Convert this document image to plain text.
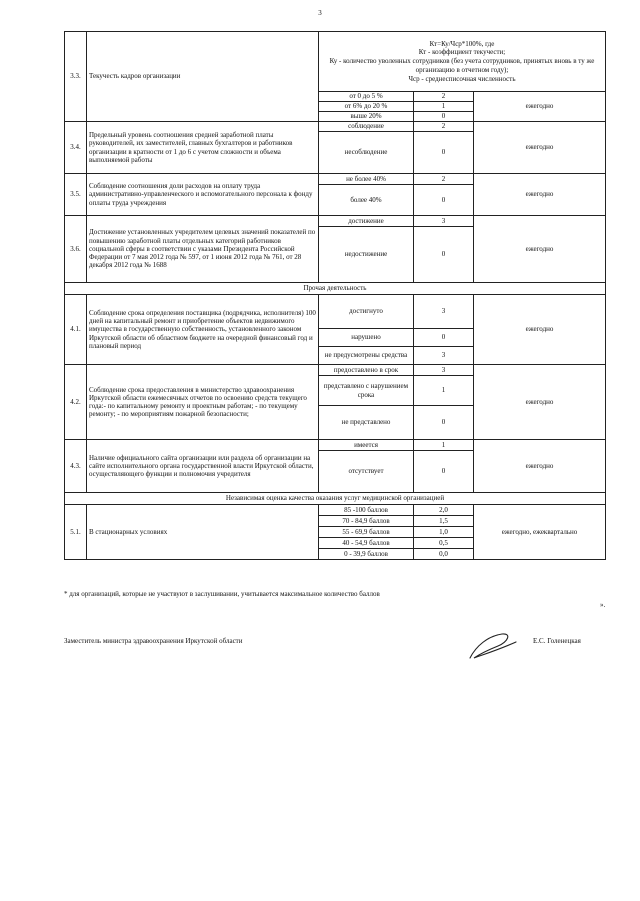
3
3.3.	Текучесть кадров организации	Кт=Ку/Чср*100%, где
Кт - коэффициент текучести;
Ку - количество уволенных сотрудников (без учета сотрудников, принятых вновь в ту же организацию в отчетном году);
Чср - среднесписочная численность		

		от 0 до 5 %	2	ежегодно
		от 6% до 20 %	1	
		выше 20%	0	
3.4.	Предельный уровень соотношения средней заработной платы руководителей, их заместителей, главных бухгалтеров и работников организации в кратности от 1 до 6 с учетом сложности и объема выполняемой работы	соблюдение	2	ежегодно
		несоблюдение	0	
3.5.	Соблюдение соотношения доли расходов на оплату труда административно-управленческого и вспомогательного персонала к фонду оплаты труда учреждения	не более 40%	2	ежегодно
		более 40%	0	
3.6.	Достижение установленных учредителем целевых значений показателей по повышению заработной платы отдельных категорий работников социальной сферы в соответствии с указами Президента Российской Федерации от 7 мая 2012 года № 597, от 1 июня 2012 года № 761, от 28 декабря 2012 года № 1688	достижение	3	ежегодно
		недостижение	0	
Прочая деятельность				
4.1.	Соблюдение срока определения поставщика (подрядчика, исполнителя) 100 дней на капитальный ремонт и приобретение объектов недвижимого имущества в государственную собственность, установленного законом Иркутской области об областном бюджете на очередной финансовый год и плановый период	достигнуто	3	ежегодно
		нарушено	0	
		не предусмотрены средства	3	
4.2.	Соблюдение срока предоставления в министерство здравоохранения Иркутской области ежемесячных отчетов по освоению средств текущего года:- по капитальному ремонту и проектным работам; - по текущему ремонту; - по мероприятиям пожарной безопасности;	предоставлено в срок	3	ежегодно
		представлено с нарушением срока	1	
		не представлено	0	
4.3.	Наличие официального сайта организации или раздела об организации на сайте исполнительного органа государственной власти Иркутской области, осуществляющего функции и полномочия учредителя	имеется	1	ежегодно
		отсутствует	0	
Независимая оценка качества оказания услуг медицинской организацией				
5.1.	В стационарных условиях	85 -100 баллов	2,0	ежегодно, ежеквартально
		70 - 84,9 баллов	1,5	
		55 - 69,9 баллов	1,0	
		40 - 54,9 баллов	0,5	
		0 - 39,9 баллов	0,0	
* для организаций, которые не участвуют в заслушивании, учитывается максимальное количество баллов
».
Заместитель министра здравоохранения Иркутской области	Е.С. Голенецкая
